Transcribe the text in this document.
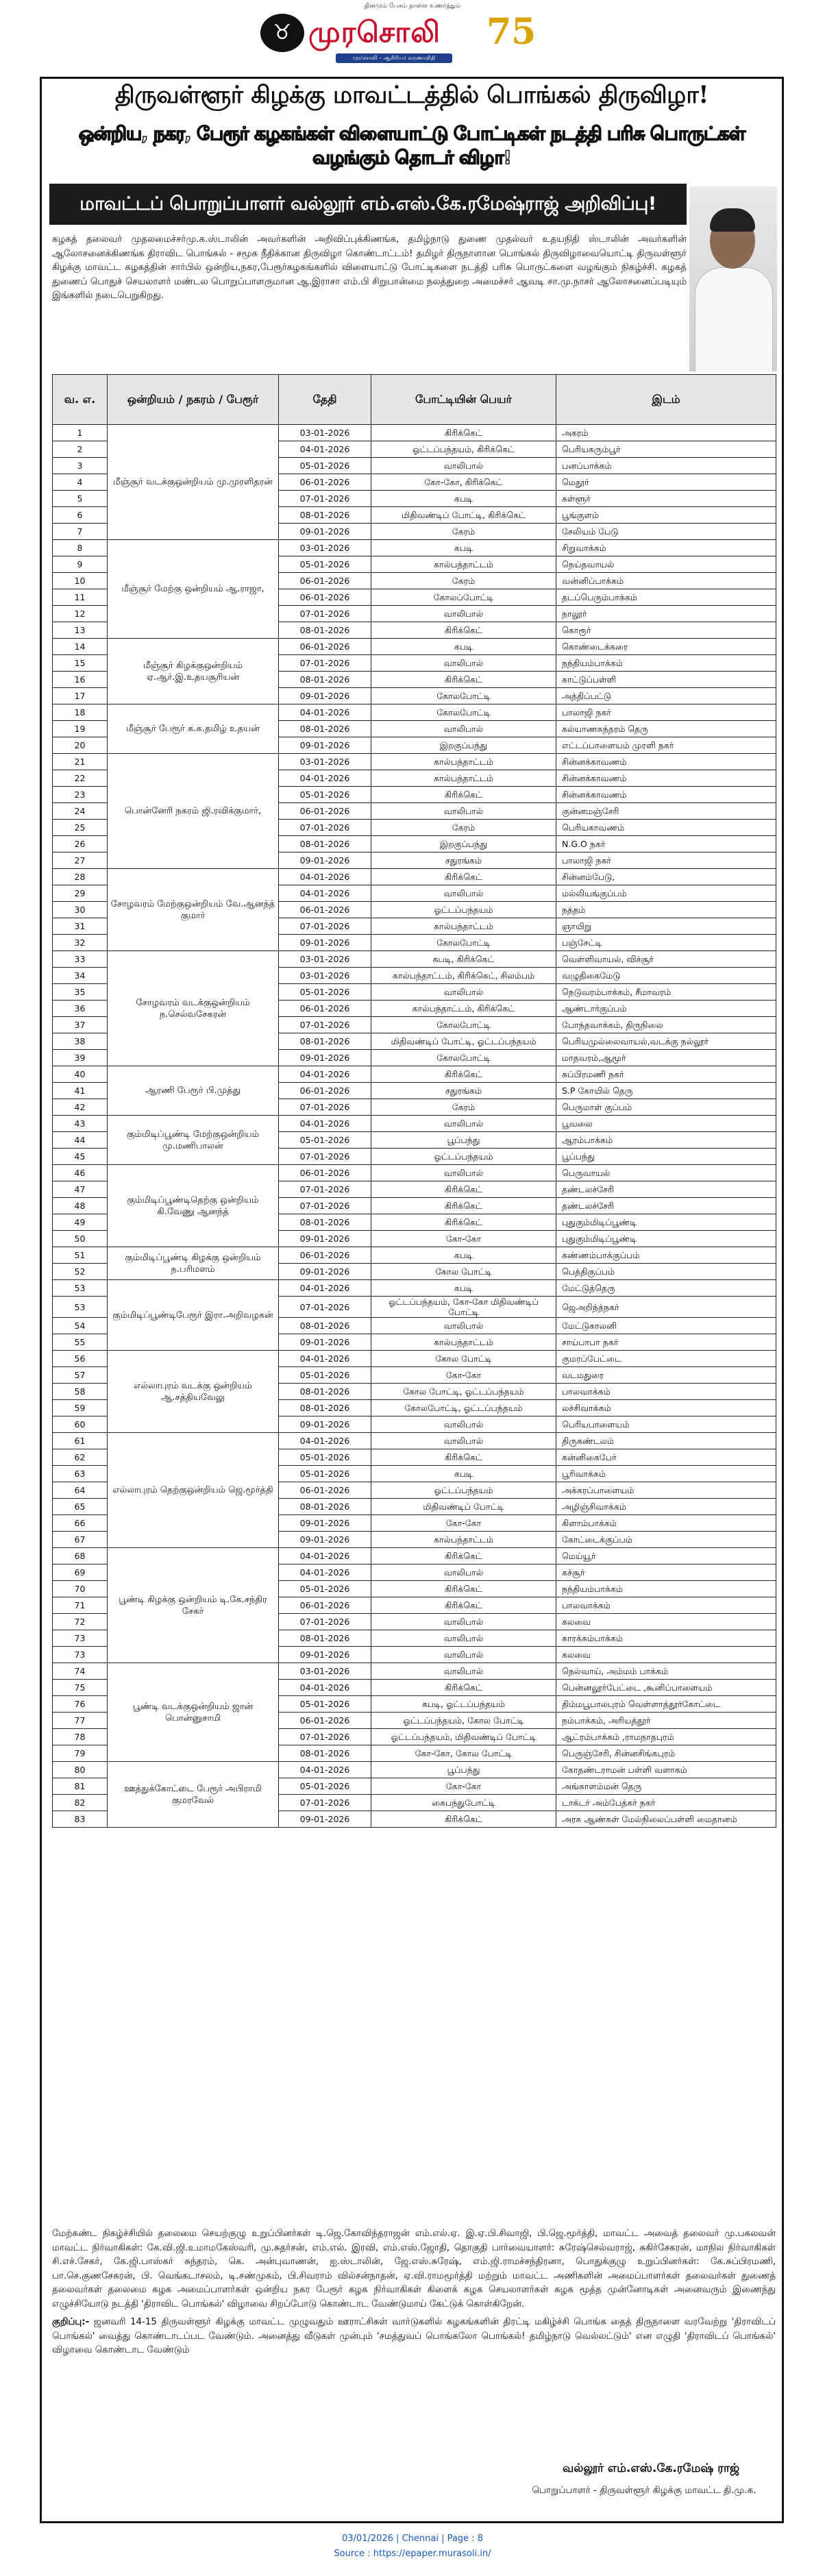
தினமும் பேசும் நாளை உணர்த்தும்
♉ முரசொலி 75
முரசொலி – ஆசிரியர் கருணாநிதி
திருவள்ளூர் கிழக்கு மாவட்டத்தில் பொங்கல் திருவிழா!
ஒன்றிய, நகர, பேரூர் கழகங்கள் விளையாட்டு போட்டிகள் நடத்தி பரிசு பொருட்கள் வழங்கும் தொடர் விழா!
மாவட்டப் பொறுப்பாளர் வல்லூர் எம்.எஸ்.கே.ரமேஷ்ராஜ் அறிவிப்பு!
கழகத் தலைவர் முதலமைச்சர்மு.க.ஸ்டாலின் அவர்களின் அறிவிப்புக்கிணங்க, தமிழ்நாடு துணை முதல்வர் உதயநிதி ஸ்டாலின் அவர்களின் ஆலோசனைக்கிணங்க திராவிட பொங்கல் - சமூக நீதிக்கான திருவிழா கொண்டாட்டம்! தமிழர் திருநாளான பொங்கல் திருவிழாவையொட்டி திருவள்ளூர் கிழக்கு மாவட்ட கழகத்தின் சார்பில் ஒன்றிய,நகர,பேரூர்கழகங்களில் விளையாட்டு போட்டிகளை நடத்தி பரிசு பொருட்களை வழங்கும் நிகழ்ச்சி. கழகத் துணைப் பொதுச் செயலாளர் மண்டல பொறுப்பாளருமான ஆ.இராசா எம்.பி சிறுபான்மை நலத்துறை அமைச்சர் ஆவடி சா.மு.நாசர் ஆலோசனைப்படியும் இங்களில் நடைபெறுகிறது.
வ. எ.	ஒன்றியம் / நகரம் / பேரூர்	தேதி	போட்டியின் பெயர்	இடம்
1	மீஞ்சூர் வடக்குஒன்றியம் மு.முரளிதரன்	03-01-2026	கிரிக்கெட்	அகரம்
2		04-01-2026	ஓட்டப்பந்தயம், கிரிக்கெட்	பெரியகரும்பூர்
3		05-01-2026	வாலிபால்	பனப்பாக்கம்
4		06-01-2026	கோ-கோ, கிரிக்கெட்	மெதூர்
5		07-01-2026	கபடி	கள்ளூர்
6		08-01-2026	மிதிவண்டிப் போட்டி, கிரிக்கெட்	பூங்குளம்
7		09-01-2026	கேரம்	சேலியம் பேடு
8	மீஞ்சூர் மேற்கு ஒன்றியம் ஆ.ராஜா,	03-01-2026	கபடி	சிறுவாக்கம்
9		05-01-2026	கால்பந்தாட்டம்	நெய்தவாயல்
10		06-01-2026	கேரம்	வன்னிப்பாக்கம்
11		06-01-2026	கோலப்போட்டி	தடப்பெரும்பாக்கம்
12		07-01-2026	வாலிபால்	நாலூர்
13		08-01-2026	கிரிக்கெட்	கொரூர்
14	மீஞ்சூர் கிழக்குஒன்றியம் ஏ.ஆர்.இ.உதயசூரியன்	06-01-2026	கபடி	கொண்டைக்கரை
15		07-01-2026	வாலிபால்	நந்தியம்பாக்கம்
16		08-01-2026	கிரிக்கெட்	காட்டுப்பள்ளி
17		09-01-2026	கோலபோட்டி	அத்திப்பட்டு
18	மீஞ்சூர் பேரூர் க.சு.தமிழ் உதயன்	04-01-2026	கோலபோட்டி	பாலாஜி நகர்
19		08-01-2026	வாலிபால்	கல்யாணசுந்தரம் தெரு
20		09-01-2026	இறகுப்பந்து	எட்டப்பாளையம் முரளி நகர்
21	பொன்னேரி நகரம் ஜி.ரவிக்குமார்,	03-01-2026	கால்பந்தாட்டம்	சின்னக்காவணம்
22		04-01-2026	கால்பந்தாட்டம்	சின்னக்காவணம்
23		05-01-2026	கிரிக்கெட்	சின்னக்காவணம்
24		06-01-2026	வாலிபால்	குன்னமஞ்சேரி
25		07-01-2026	கேரம்	பெரியகாவணம்
26		08-01-2026	இறகுப்பந்து	N.G.O நகர்
27		09-01-2026	சதுரங்கம்	பாலாஜி நகர்
28	சோழவரம் மேற்குஒன்றியம் வே.ஆனந்த் குமார்	04-01-2026	கிரிக்கெட்	சின்னம்பேடு,
29		04-01-2026	வாலிபால்	மல்லியங்குப்பம்
30		06-01-2026	ஓட்டப்பந்தயம்	நத்தம்
31		07-01-2026	கால்பந்தாட்டம்	ஞாயிறு
32		09-01-2026	கோலபோட்டி	பஞ்சேட்டி
33	சோழவரம் வடக்குஒன்றியம் ந.செல்வசேகரன்	03-01-2026	கபடி, கிரிக்கெட்	வெள்ளிவாயல், விச்சூர்
34		03-01-2026	கால்பந்தாட்டம், கிரிக்கெட், சிலம்பம்	வழுதிகைமேடு
35		05-01-2026	வாலிபால்	நெடுவரம்பாக்கம், சீமாவரம்
36		06-01-2026	கால்பந்தாட்டம், கிரிக்கெட்	ஆண்டார்குப்பம்
37		07-01-2026	கோலபோட்டி	போந்தவாக்கம், திருநிலை
38		08-01-2026	மிதிவண்டிப் போட்டி, ஓட்டப்பந்தயம்	பெரியமுல்லைவாயல்,வடக்கு நல்லூர்
39		09-01-2026	கோலபோட்டி	மாதவரம்,ஆமூர்
40	ஆரணி பேரூர் பி.முத்து	04-01-2026	கிரிக்கெட்	சுப்பிரமணி நகர்
41		06-01-2026	சதுரங்கம்	S.P கோயில் தெரு
42		07-01-2026	கேரம்	பெருமாள் குப்பம்
43	கும்மிடிப்பூண்டி மேற்குஒன்றியம் மு.மணிபாலன்	04-01-2026	வாலிபால்	பூவலை
44		05-01-2026	பூப்பந்து	ஆரம்பாக்கம்
45		07-01-2026	ஓட்டப்பந்தயம்	பூப்பந்து
46	கும்மிடிப்பூண்டிதெற்கு ஒன்றியம் கி.வேணு ஆனந்த்	06-01-2026	வாலிபால்	பெருவாயல்
47		07-01-2026	கிரிக்கெட்	தண்டலச்சேரி
48		07-01-2026	கிரிக்கெட்	தண்டலச்சேரி
49		08-01-2026	கிரிக்கெட்	புதுகும்மிடிப்பூண்டி
50		09-01-2026	கோ-கோ	புதுகும்மிடிப்பூண்டி
51	கும்மிடிப்பூண்டி கிழக்கு ஒன்றியம் ந.பரிமளம்	06-01-2026	கபடி	கண்ணம்பாக்குப்பம்
52		09-01-2026	கோல போட்டி	பெத்திகுப்பம்
53	கும்மிடிப்பூண்டிபேரூர் இரா.அறிவழகன்	04-01-2026	கபடி	மேட்டுத்தெரு
53		07-01-2026	ஓட்டப்பந்தயம், கோ-கோ மிதிவண்டிப் போட்டி	ஜெஅறிந்த்நகர்
54		08-01-2026	வாலிபால்	மேட்டுகாலனி
55		09-01-2026	கால்பந்தாட்டம்	சாய்பாபா நகர்
56	எல்லாபுரம் வடக்கு ஒன்றியம் ஆ.சத்தியவேலு	04-01-2026	கோல போட்டி	குமரப்பேட்டை
57		05-01-2026	கோ-கோ	வடமதுரை
58		08-01-2026	கோல போட்டி, ஓட்டப்பந்தயம்	பாலவாக்கம்
59		08-01-2026	கோலபோட்டி, ஓட்டப்பந்தயம்	லச்சிவாக்கம்
60		09-01-2026	வாலிபால்	பெரியபாளையம்
61	எல்லாபுரம் தெற்குஒன்றியம் ஜெ.மூர்த்தி	04-01-2026	வாலிபால்	திருகண்டலம்
62		05-01-2026	கிரிக்கெட்	கன்னிகைபேர்
63		05-01-2026	கபடி	பூரிவாக்கம்
64		06-01-2026	ஓட்டப்பந்தயம்	அக்கரப்பாளையம்
65		08-01-2026	மிதிவண்டிப் போட்டி	அழிஞ்சிவாக்கம்
66		09-01-2026	கோ-கோ	கிளாம்பாக்கம்
67		09-01-2026	கால்பந்தாட்டம்	கோட்டைக்குப்பம்
68	பூண்டி கிழக்கு ஒன்றியம் டி.கே.சந்திர சேகர்	04-01-2026	கிரிக்கெட்	மெய்யூர்
69		04-01-2026	வாலிபால்	கச்சூர்
70		05-01-2026	கிரிக்கெட்	நந்தியம்பாக்கம்
71		06-01-2026	கிரிக்கெட்	பாலவாக்கம்
72		07-01-2026	வாலிபால்	கலவை
73		08-01-2026	வாலிபால்	காரக்கம்பாக்கம்
73		09-01-2026	வாலிபால்	கலவை
74	பூண்டி வடக்குஒன்றியம் ஜான் பொன்னுசாமி	03-01-2026	வாலிபால்	நெல்வாய், அம்மம் பாக்கம்
75		04-01-2026	கிரிக்கெட்	பென்னலூர்பேட்டை ,கூனிப்பாளையம்
76		05-01-2026	கபடி, ஓட்டப்பந்தயம்	திம்மபூபாலபுரம் வெள்ளாத்தூர்கோட்டை
77		06-01-2026	ஓட்டப்பந்தயம், கோல போட்டி	நம்பாக்கம், அரியத்தூர்
78		07-01-2026	ஓட்டப்பந்தயம், மிதிவண்டிப் போட்டி	ஆட்ரம்பாக்கம் ,ராமநாதபுரம்
79		08-01-2026	கோ-கோ, கோல போட்டி	பெருஞ்சேரி, சின்னசிங்கபுரம்
80	ஊத்துக்கோட்டை பேரூர் அபிராமி குமரவேல்	04-01-2026	பூப்பந்து	கோதண்டராமன் பள்ளி வளாகம்
81		05-01-2026	கோ-கோ	அங்காளம்மன் தெரு
82		07-01-2026	கைபந்துபோட்டி	டாக்டர் அம்பேத்கர் நகர்
83		09-01-2026	கிரிக்கெட்	அரசு ஆண்கள் மேல்நிலைப்பள்ளி மைதானம்
மேற்கண்ட நிகழ்ச்சியில் தலைமை செயற்குழு உறுப்பினர்கள் டி.ஜெ.கோவிந்தராஜன் எம்.எல்.ஏ. இ.ஏ.பி.சிவாஜி, பி.ஜெ.மூர்த்தி, மாவட்ட அவைத் தலைவர் மு.பகலவன் மாவட்ட நிர்வாகிகள்: கே.வி.ஜி.உமாமகேஸ்வரி, மு.சுதர்சன், எம்.எல். இரவி, எம்.எஸ்.ஜோதி, தொகுதி பார்வையாளர்: சுரேஷ்செல்வராஜ், சுகிர்சேகரன், மாநில நிர்வாகிகள் சி.எச்.சேகர், கே.ஜி.பாஸ்கர் சுந்தரம், கெ. அன்புவாணன், ஐ.ஸ்டாலின், ஜே.எஸ்.சுரேஷ், எம்.ஜி.ராமச்சந்திரனா, பொதுக்குழு உறுப்பினர்கள்: கே.சுப்பிரமணி, பா.செ.குணசேகரன், பி. வெங்கடாசலம், டி.சண்முகம், பி.சிவராம் வில்சன்நாதன், ஏ.வி.ராமமூர்த்தி மற்றும் மாவட்ட அணிகளின் அமைப்பாளர்கள் தலைவர்கள் துணைத் தலைவர்கள் தலைமை கழக அமைப்பாளர்கள் ஒன்றிய நகர பேரூர் கழக நிர்வாகிகள் கிளைக் கழக செயலாளர்கள் கழக மூத்த முன்னோடிகள் அனைவரும் இணைந்து எழுச்சியோடு நடத்தி 'திராவிட பொங்கல்' விழாவை சிறப்போடு கொண்டாட வேண்டுமாய் கேட்டுக் கொள்கிறேன்.
குறிப்பு:- ஜனவரி 14-15 திருவள்ளூர் கிழக்கு மாவட்ட முழுவதும் ஊராட்சிகள் வார்டுகளில் கழகங்களின் திரட்டி மகிழ்ச்சி பொங்க தைத் திருநாளை வரவேற்று 'திராவிடப் பொங்கல்' வைத்து கொண்டாடப்பட வேண்டும். அனைத்து வீடுகள் முன்பும் 'சமத்துவப் பொங்கலோ பொங்கல்! தமிழ்நாடு வெல்லட்டும்' என எழுதி 'திராவிடப் பொங்கல்' விழாவை கொண்டாட வேண்டும்
வல்லூர் எம்.எஸ்.கே.ரமேஷ் ராஜ்
பொறுப்பாளர் - திருவள்ளூர் கிழக்கு மாவட்ட தி.மு.க.
03/01/2026 | Chennai | Page : 8
Source : https://epaper.murasoli.in/
